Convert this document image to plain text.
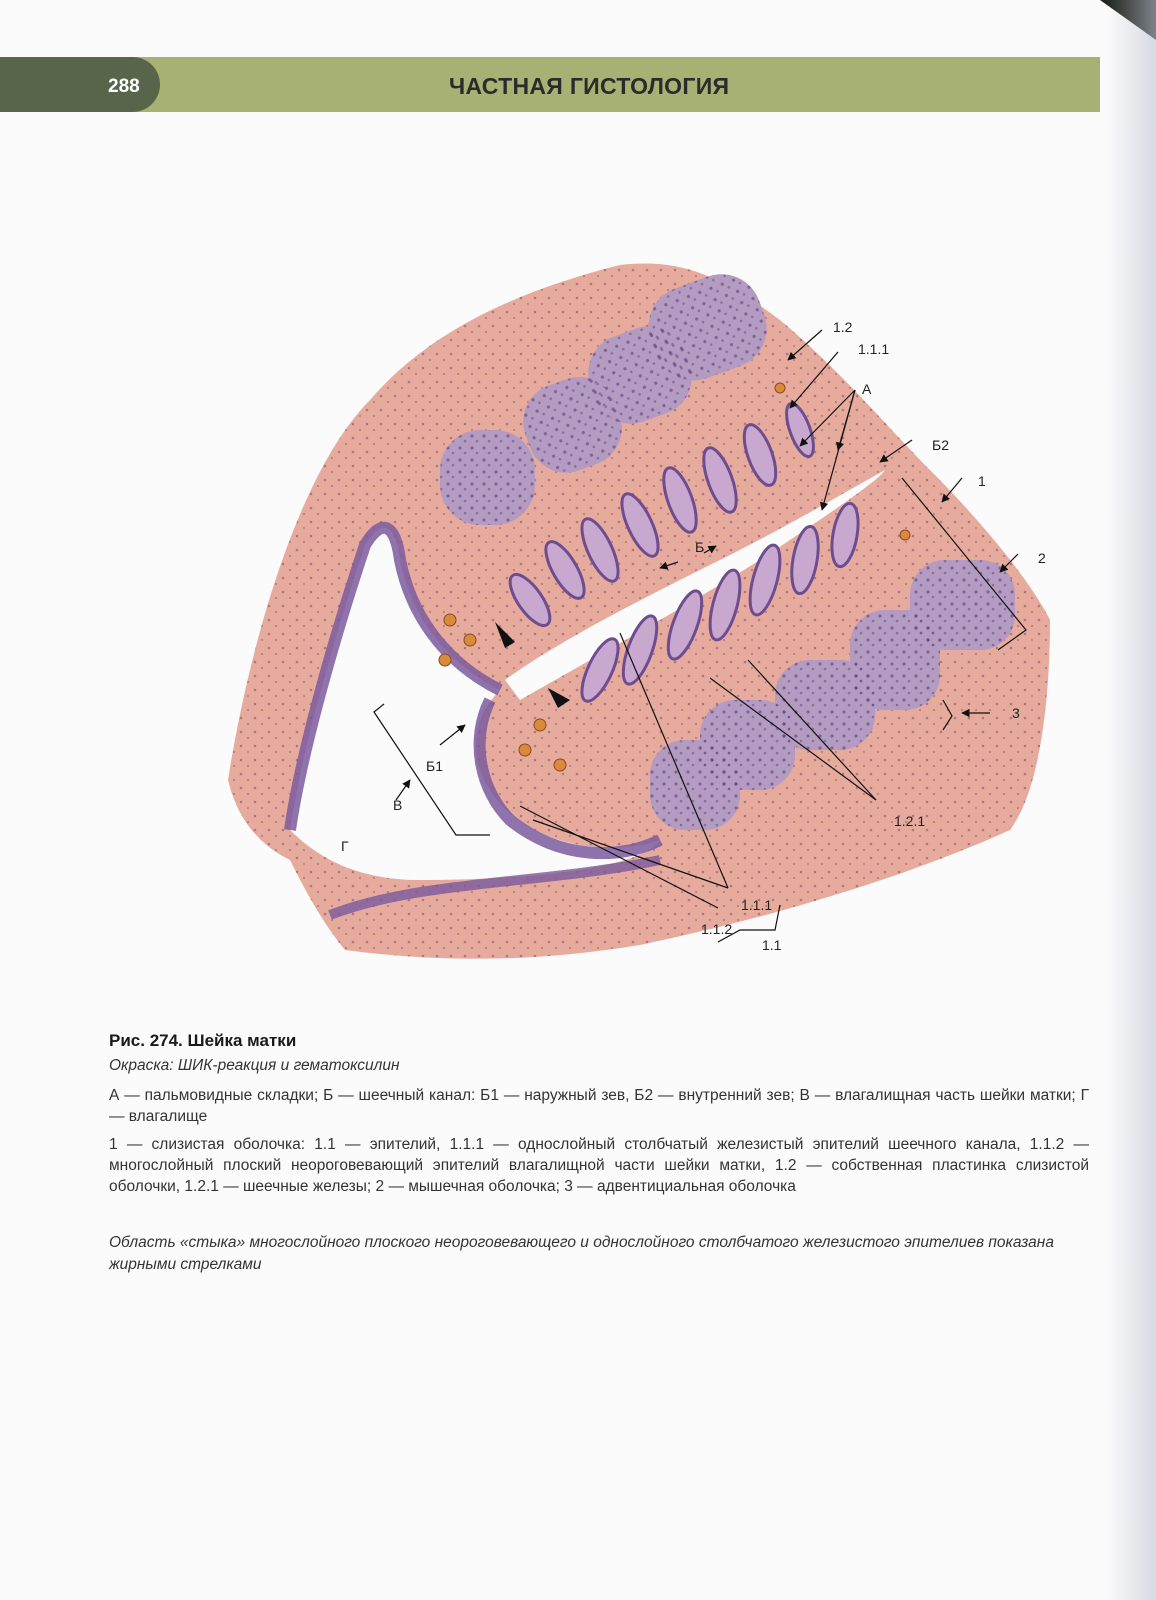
288	ЧАСТНАЯ ГИСТОЛОГИЯ
1.2
1.1.1
А
Б2
1
2
Б
3
Б1
В
Г
1.2.1
1.1.1
1.1.2
1.1
Рис. 274. Шейка матки
Окраска: ШИК-реакция и гематоксилин
А — пальмовидные складки; Б — шеечный канал: Б1 — наружный зев, Б2 — внутренний зев; В — влагалищная часть шейки матки; Г — влагалище
1 — слизистая оболочка: 1.1 — эпителий, 1.1.1 — однослойный столбчатый железистый эпителий шеечного канала, 1.1.2 — многослойный плоский неороговевающий эпителий влагалищной части шейки матки, 1.2 — собственная пластинка слизистой оболочки, 1.2.1 — шеечные железы; 2 — мышечная оболочка; 3 — адвентициальная оболочка
Область «стыка» многослойного плоского неороговевающего и однослойного столбчатого железистого эпителиев показана жирными стрелками
